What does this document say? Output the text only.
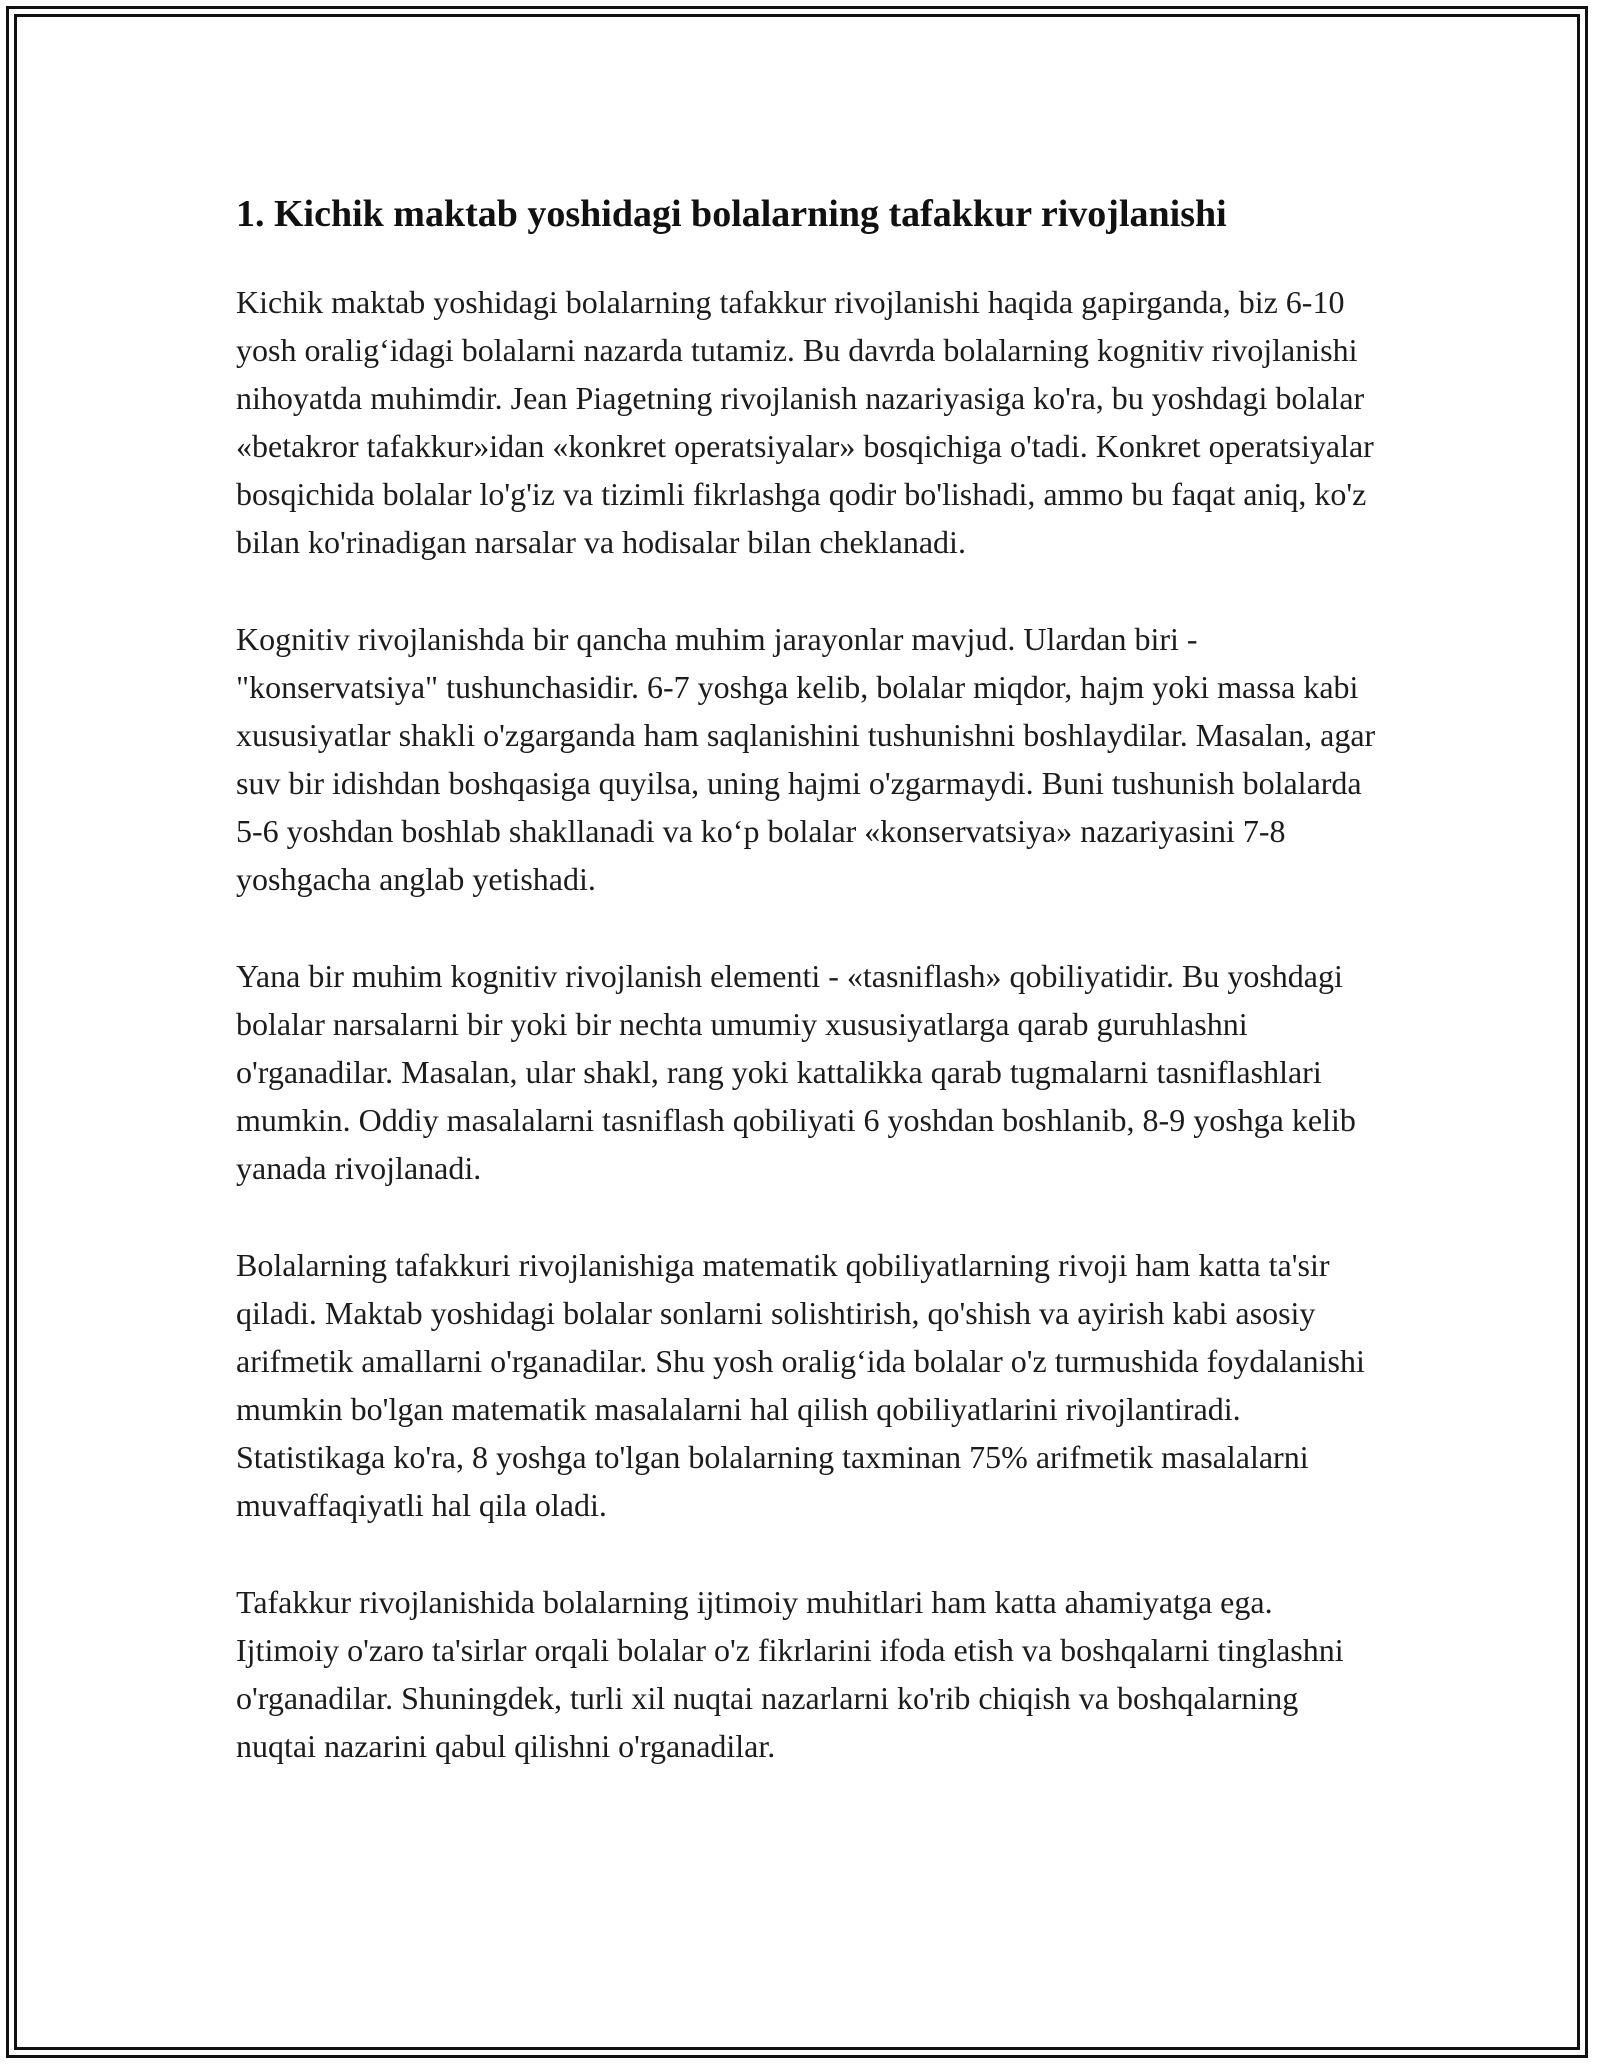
1. Kichik maktab yoshidagi bolalarning tafakkur rivojlanishi

Kichik maktab yoshidagi bolalarning tafakkur rivojlanishi haqida gapirganda, biz 6-10 yosh oralig‘idagi bolalarni nazarda tutamiz. Bu davrda bolalarning kognitiv rivojlanishi nihoyatda muhimdir. Jean Piagetning rivojlanish nazariyasiga ko'ra, bu yoshdagi bolalar «betakror tafakkur»idan «konkret operatsiyalar» bosqichiga o'tadi. Konkret operatsiyalar bosqichida bolalar lo'g'iz va tizimli fikrlashga qodir bo'lishadi, ammo bu faqat aniq, ko'z bilan ko'rinadigan narsalar va hodisalar bilan cheklanadi.

Kognitiv rivojlanishda bir qancha muhim jarayonlar mavjud. Ulardan biri - "konservatsiya" tushunchasidir. 6-7 yoshga kelib, bolalar miqdor, hajm yoki massa kabi xususiyatlar shakli o'zgarganda ham saqlanishini tushunishni boshlaydilar. Masalan, agar suv bir idishdan boshqasiga quyilsa, uning hajmi o'zgarmaydi. Buni tushunish bolalarda 5-6 yoshdan boshlab shakllanadi va ko‘p bolalar «konservatsiya» nazariyasini 7-8 yoshgacha anglab yetishadi.

Yana bir muhim kognitiv rivojlanish elementi - «tasniflash» qobiliyatidir. Bu yoshdagi bolalar narsalarni bir yoki bir nechta umumiy xususiyatlarga qarab guruhlashni o'rganadilar. Masalan, ular shakl, rang yoki kattalikka qarab tugmalarni tasniflashlari mumkin. Oddiy masalalarni tasniflash qobiliyati 6 yoshdan boshlanib, 8-9 yoshga kelib yanada rivojlanadi.

Bolalarning tafakkuri rivojlanishiga matematik qobiliyatlarning rivoji ham katta ta'sir qiladi. Maktab yoshidagi bolalar sonlarni solishtirish, qo'shish va ayirish kabi asosiy arifmetik amallarni o'rganadilar. Shu yosh oralig‘ida bolalar o'z turmushida foydalanishi mumkin bo'lgan matematik masalalarni hal qilish qobiliyatlarini rivojlantiradi. Statistikaga ko'ra, 8 yoshga to'lgan bolalarning taxminan 75% arifmetik masalalarni muvaffaqiyatli hal qila oladi.

Tafakkur rivojlanishida bolalarning ijtimoiy muhitlari ham katta ahamiyatga ega. Ijtimoiy o'zaro ta'sirlar orqali bolalar o'z fikrlarini ifoda etish va boshqalarni tinglashni o'rganadilar. Shuningdek, turli xil nuqtai nazarlarni ko'rib chiqish va boshqalarning nuqtai nazarini qabul qilishni o'rganadilar.
